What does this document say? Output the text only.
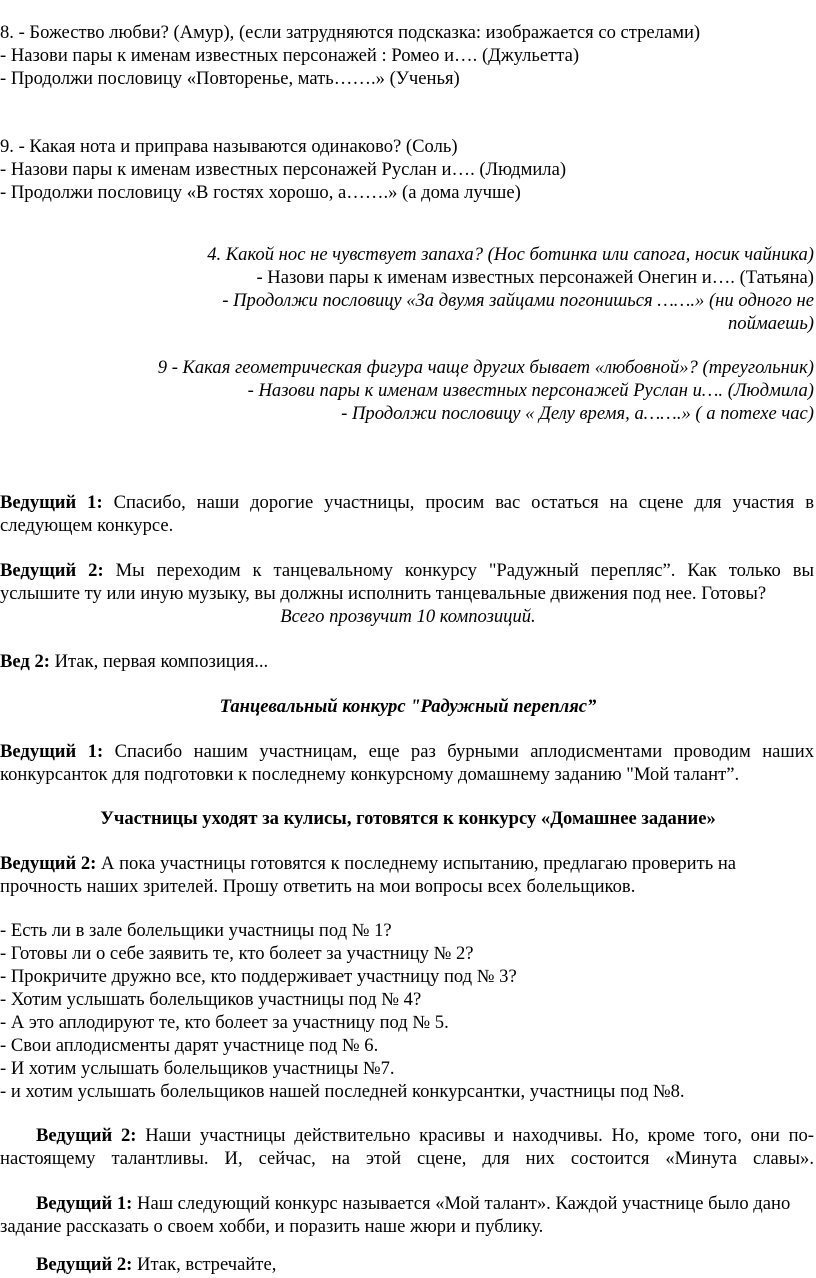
8. - Божество любви? (Амур), (если затрудняются подсказка: изображается со стрелами)
- Назови пары к именам известных персонажей : Ромео и…. (Джульетта)
- Продолжи пословицу «Повторенье, мать…….» (Ученья)
9. - Какая нота и приправа называются одинаково? (Соль)
- Назови пары к именам известных персонажей Руслан и…. (Людмила)
- Продолжи пословицу «В гостях хорошо, а…….» (а дома лучше)
4. Какой нос не чувствует запаха? (Нос ботинка или сапога, носик чайника)
- Назови пары к именам известных персонажей Онегин и…. (Татьяна)
- Продолжи пословицу «За двумя зайцами погонишься …….» (ни одного не
поймаешь)
9 - Какая геометрическая фигура чаще других бывает «любовной»? (треугольник)
- Назови пары к именам известных персонажей Руслан и…. (Людмила)
- Продолжи пословицу « Делу время, а…….» ( а потехе час)
Ведущий 1: Спасибо, наши дорогие участницы, просим вас остаться на сцене для участия в
следующем конкурсе.
Ведущий 2: Мы переходим к танцевальному конкурсу "Радужный переплясˮ. Как только вы
услышите ту или иную музыку, вы должны исполнить танцевальные движения под нее. Готовы?
Всего прозвучит 10 композиций.
Вед 2: Итак, первая композиция...
Танцевальный конкурс "Радужный переплясˮ
Ведущий 1: Спасибо нашим участницам, еще раз бурными аплодисментами проводим наших
конкурсанток для подготовки к последнему конкурсному домашнему заданию "Мой талантˮ.
Участницы уходят за кулисы, готовятся к конкурсу «Домашнее задание»
Ведущий 2: А пока участницы готовятся к последнему испытанию, предлагаю проверить на
прочность наших зрителей. Прошу ответить на мои вопросы всех болельщиков.
- Есть ли в зале болельщики участницы под № 1?
- Готовы ли о себе заявить те, кто болеет за участницу № 2?
- Прокричите дружно все, кто поддерживает участницу под № 3?
- Хотим услышать болельщиков участницы под № 4?
- А это аплодируют те, кто болеет за участницу под № 5.
- Свои аплодисменты дарят участнице под № 6.
- И хотим услышать болельщиков участницы №7.
- и хотим услышать болельщиков нашей последней конкурсантки, участницы под №8.
Ведущий 2: Наши участницы действительно красивы и находчивы. Но, кроме того, они по-
настоящему талантливы. И, сейчас, на этой сцене, для них состоится «Минута славы».
Ведущий 1: Наш следующий конкурс называется «Мой талант». Каждой участнице было дано
задание рассказать о своем хобби, и поразить наше жюри и публику.
Ведущий 2: Итак, встречайте,
